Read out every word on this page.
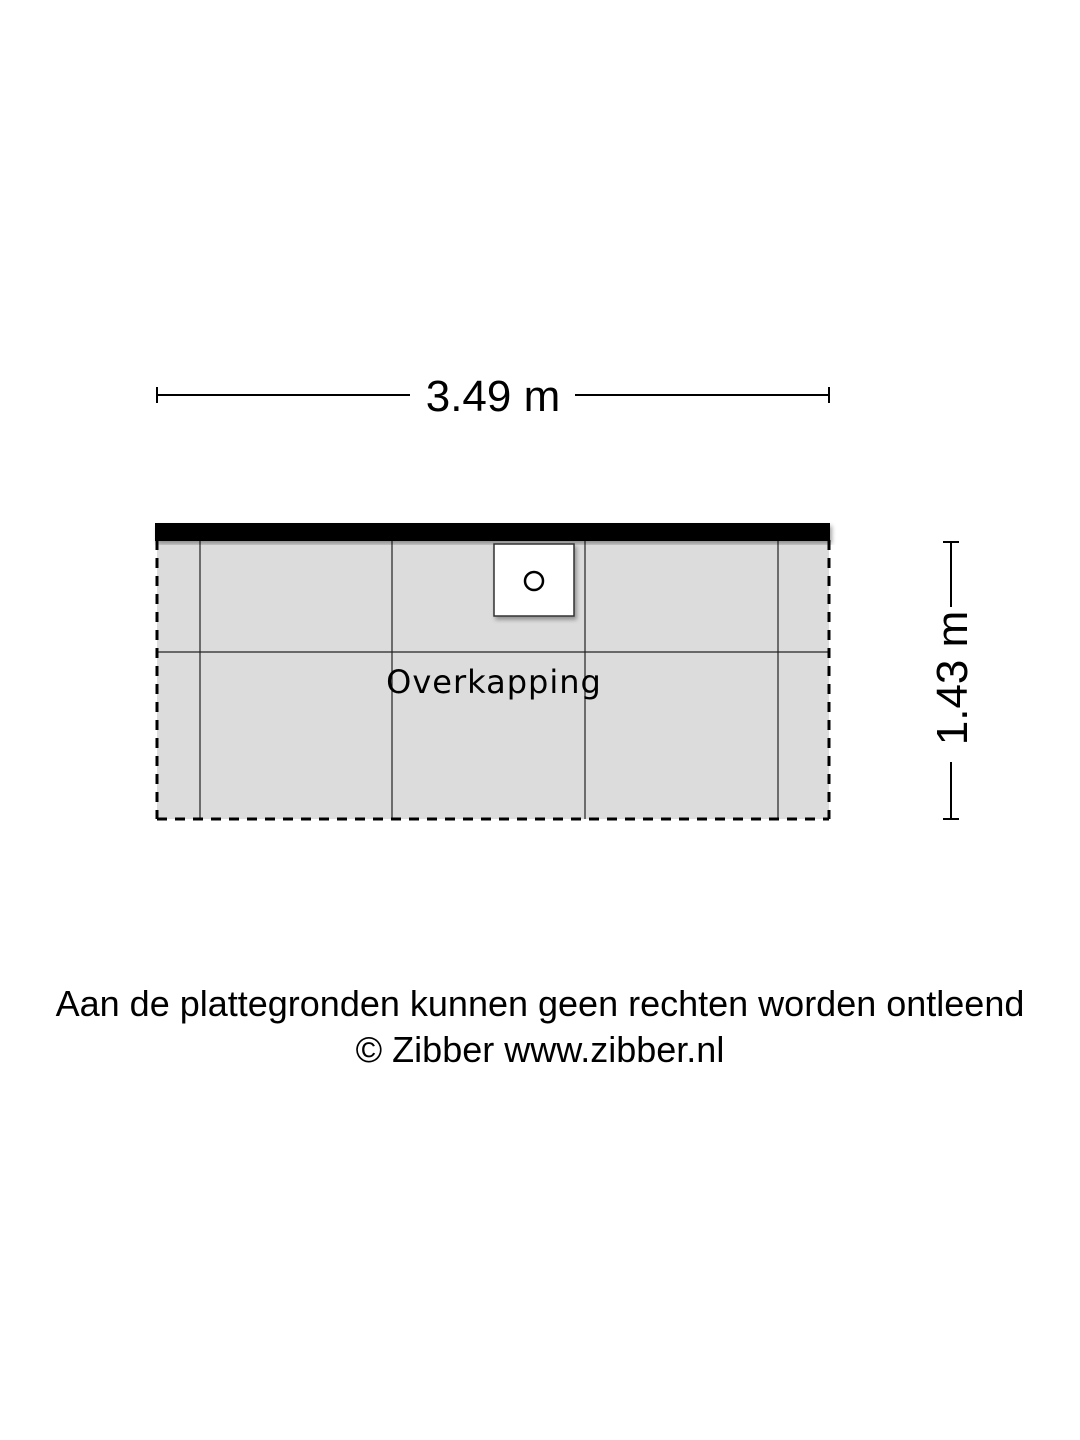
3.49 m
Overkapping	1.43 m
Aan de plattegronden kunnen geen rechten worden ontleend
© Zibber www.zibber.nl
